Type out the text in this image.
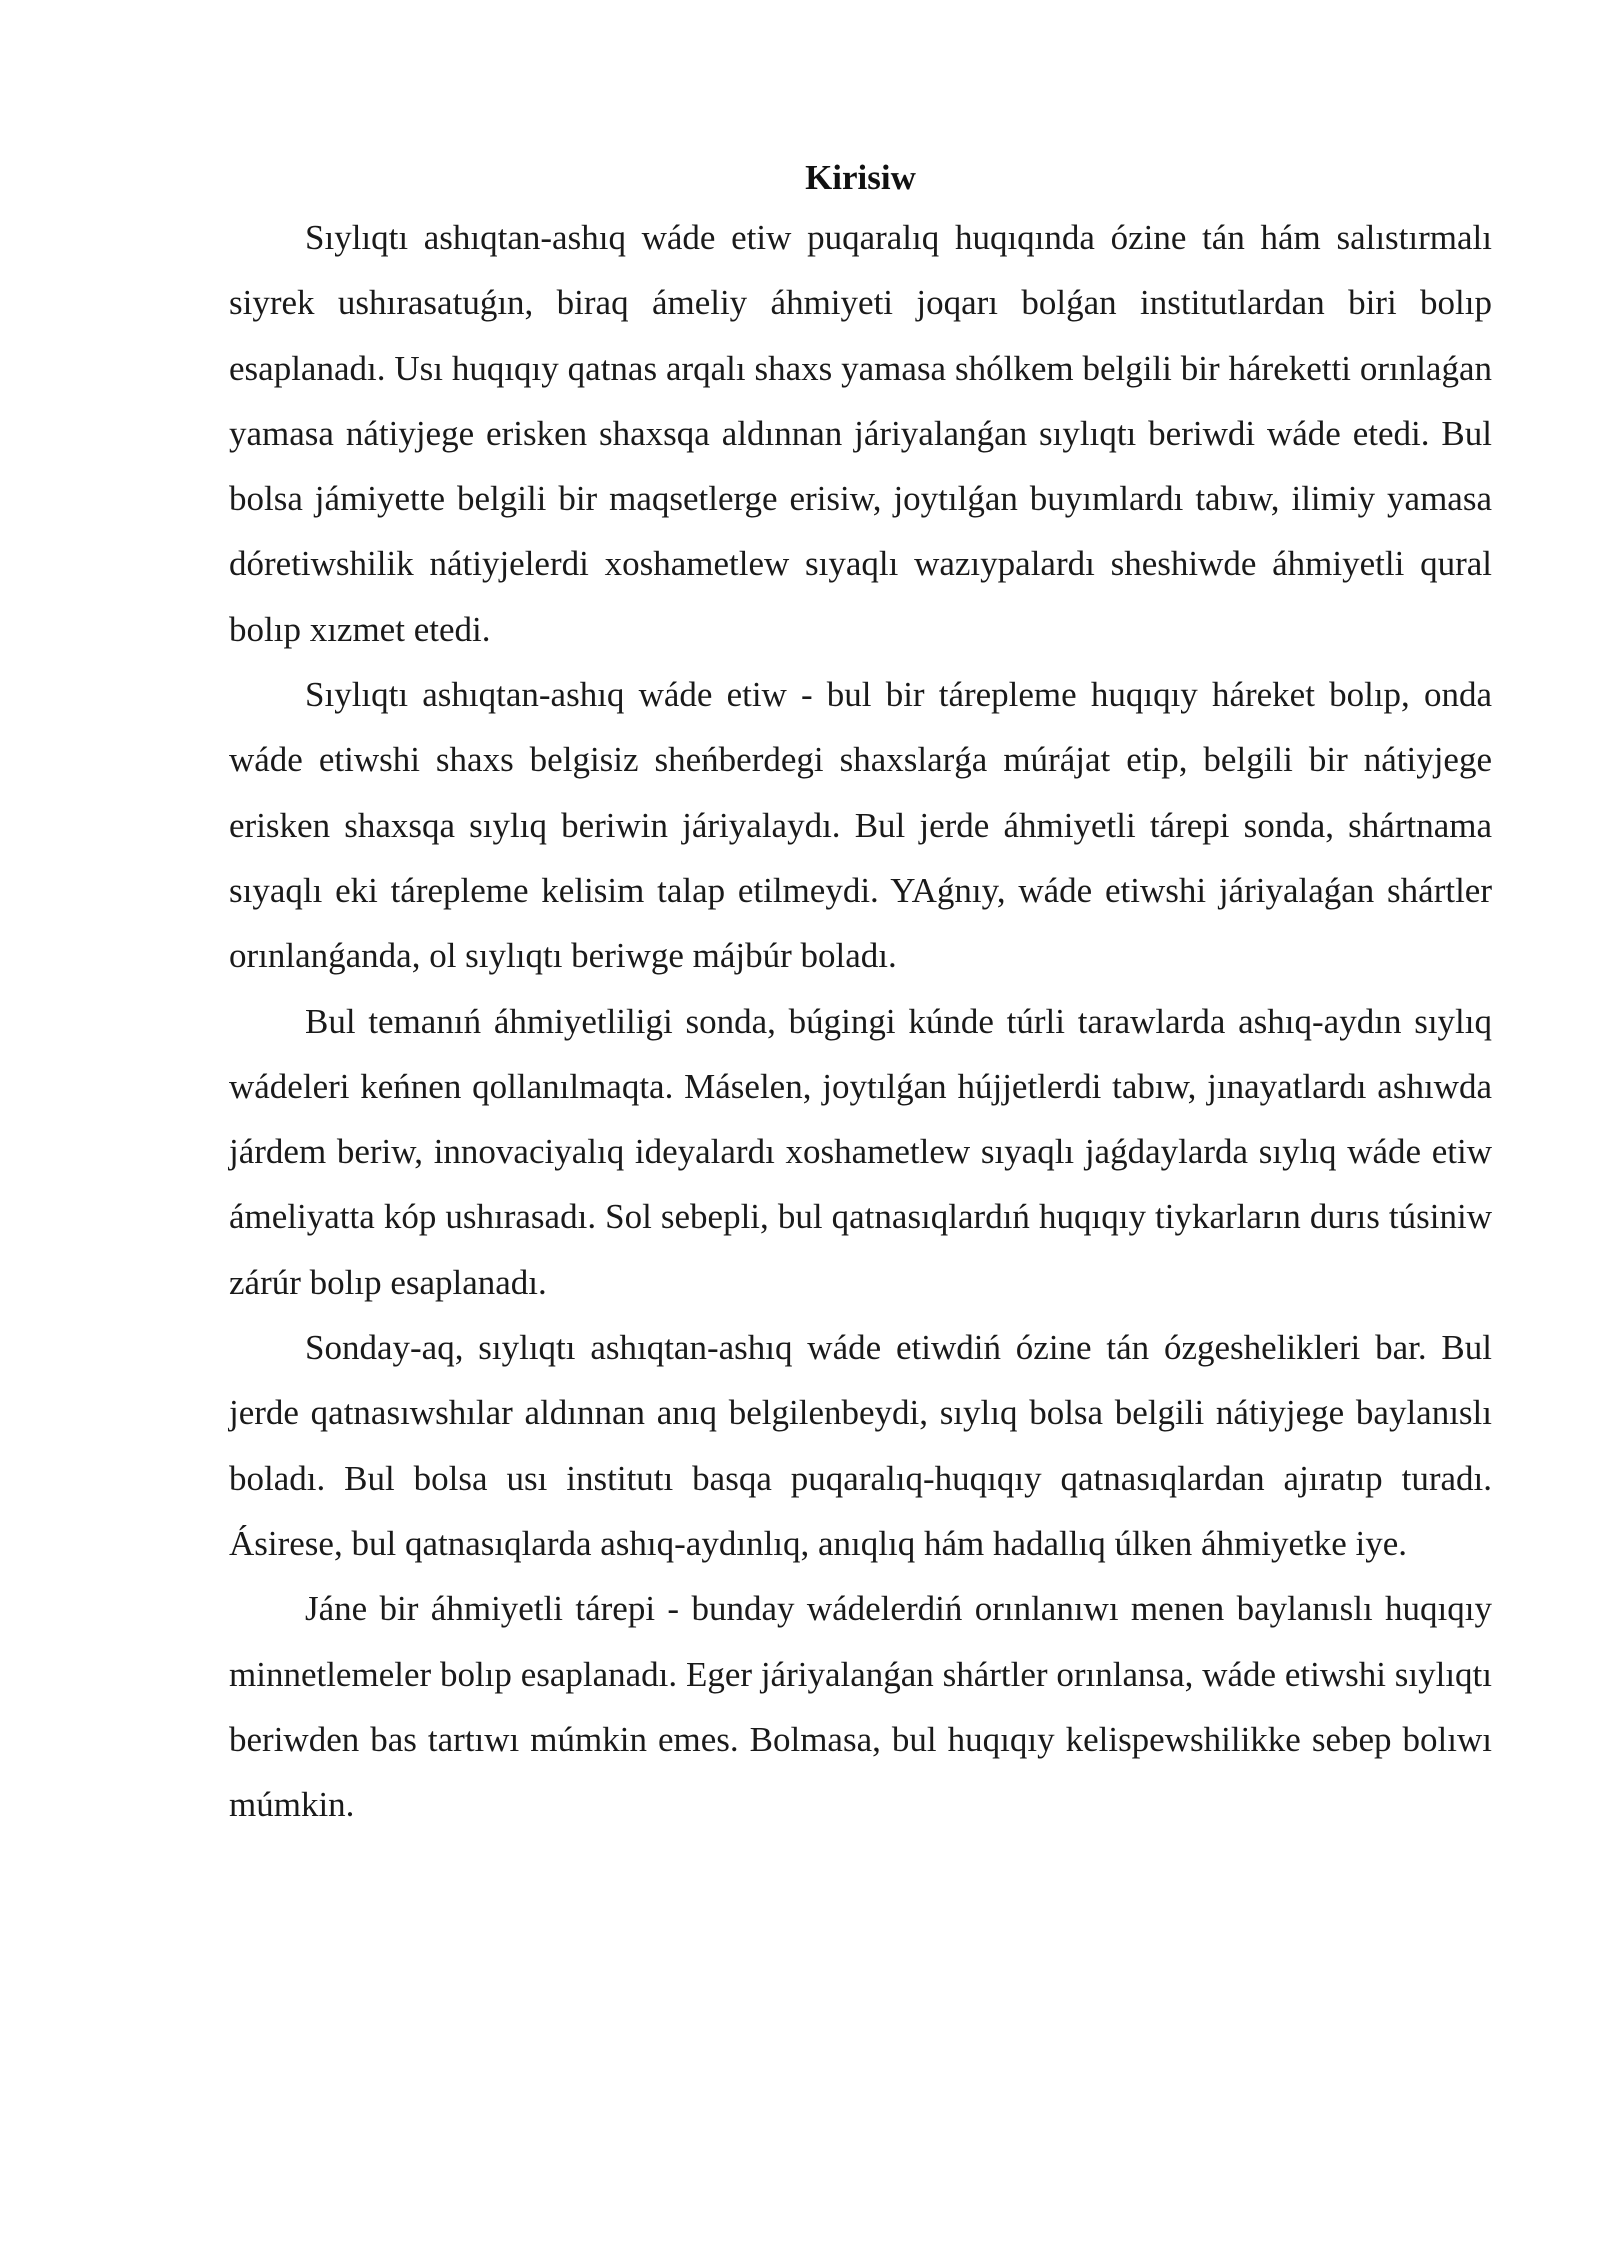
Kirisiw

Sıylıqtı ashıqtan-ashıq wáde etiw puqaralıq huqıqında ózine tán hám salıstırmalı siyrek ushırasatuǵın, biraq ámeliy áhmiyeti joqarı bolǵan institutlardan biri bolıp esaplanadı. Usı huqıqıy qatnas arqalı shaxs yamasa shólkem belgili bir háreketti orınlaǵan yamasa nátiyjege erisken shaxsqa aldınnan járiyalanǵan sıylıqtı beriwdi wáde etedi. Bul bolsa jámiyette belgili bir maqsetlerge erisiw, joytılǵan buyımlardı tabıw, ilimiy yamasa dóretiwshilik nátiyjelerdi xoshametlew sıyaqlı wazıypalardı sheshiwde áhmiyetli qural bolıp xızmet etedi.

Sıylıqtı ashıqtan-ashıq wáde etiw - bul bir tárepleme huqıqıy háreket bolıp, onda wáde etiwshi shaxs belgisiz sheńberdegi shaxslarǵa múrájat etip, belgili bir nátiyjege erisken shaxsqa sıylıq beriwin járiyalaydı. Bul jerde áhmiyetli tárepi sonda, shártnama sıyaqlı eki tárepleme kelisim talap etilmeydi. YAǵnıy, wáde etiwshi járiyalaǵan shártler orınlanǵanda, ol sıylıqtı beriwge májbúr boladı.

Bul temanıń áhmiyetliligi sonda, búgingi kúnde túrli tarawlarda ashıq-aydın sıylıq wádeleri keńnen qollanılmaqta. Máselen, joytılǵan hújjetlerdi tabıw, jınayatlardı ashıwda járdem beriw, innovaciyalıq ideyalardı xoshametlew sıyaqlı jaǵdaylarda sıylıq wáde etiw ámeliyatta kóp ushırasadı. Sol sebepli, bul qatnasıqlardıń huqıqıy tiykarların durıs túsiniw zárúr bolıp esaplanadı.

Sonday-aq, sıylıqtı ashıqtan-ashıq wáde etiwdiń ózine tán ózgeshelikleri bar. Bul jerde qatnasıwshılar aldınnan anıq belgilenbeydi, sıylıq bolsa belgili nátiyjege baylanıslı boladı. Bul bolsa usı institutı basqa puqaralıq-huqıqıy qatnasıqlardan ajıratıp turadı. Ásirese, bul qatnasıqlarda ashıq-aydınlıq, anıqlıq hám hadallıq úlken áhmiyetke iye.

Jáne bir áhmiyetli tárepi - bunday wádelerdiń orınlanıwı menen baylanıslı huqıqıy minnetlemeler bolıp esaplanadı. Eger járiyalanǵan shártler orınlansa, wáde etiwshi sıylıqtı beriwden bas tartıwı múmkin emes. Bolmasa, bul huqıqıy kelispewshilikke sebep bolıwı múmkin.
